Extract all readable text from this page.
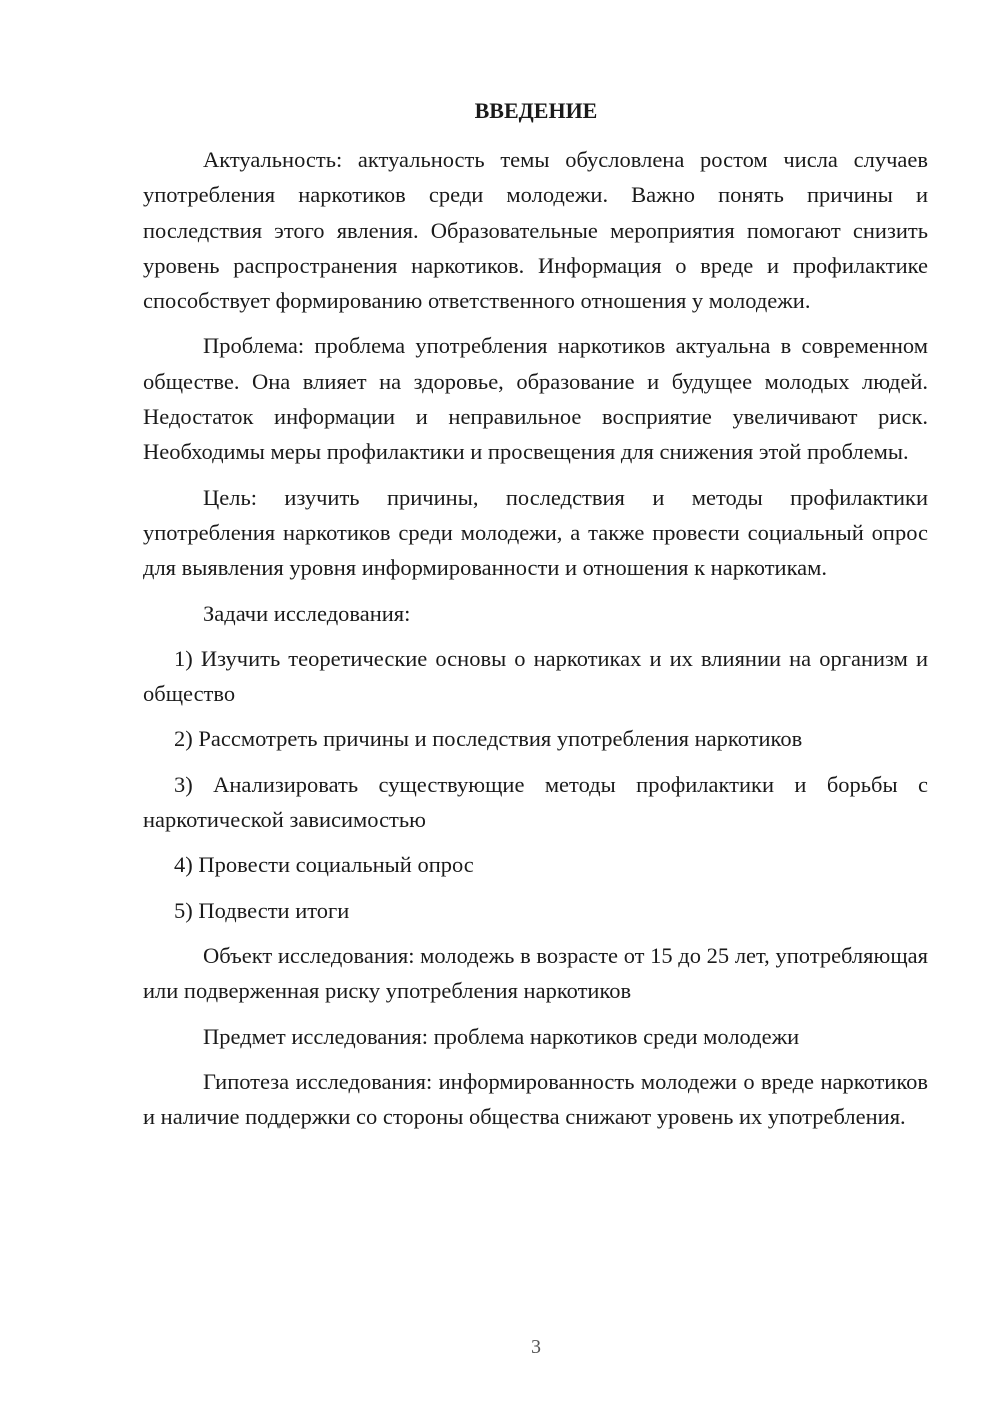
ВВЕДЕНИЕ

Актуальность: актуальность темы обусловлена ростом числа случаев употребления наркотиков среди молодежи. Важно понять причины и последствия этого явления. Образовательные мероприятия помогают снизить уровень распространения наркотиков. Информация о вреде и профилактике способствует формированию ответственного отношения у молодежи.

Проблема: проблема употребления наркотиков актуальна в современном обществе. Она влияет на здоровье, образование и будущее молодых людей. Недостаток информации и неправильное восприятие увеличивают риск. Необходимы меры профилактики и просвещения для снижения этой проблемы.

Цель: изучить причины, последствия и методы профилактики употребления наркотиков среди молодежи, а также провести социальный опрос для выявления уровня информированности и отношения к наркотикам.

Задачи исследования:

1) Изучить теоретические основы о наркотиках и их влиянии на организм и общество

2) Рассмотреть причины и последствия употребления наркотиков

3) Анализировать существующие методы профилактики и борьбы с наркотической зависимостью

4) Провести социальный опрос

5) Подвести итоги

Объект исследования: молодежь в возрасте от 15 до 25 лет, употребляющая или подверженная риску употребления наркотиков

Предмет исследования: проблема наркотиков среди молодежи

Гипотеза исследования: информированность молодежи о вреде наркотиков и наличие поддержки со стороны общества снижают уровень их употребления.

3
